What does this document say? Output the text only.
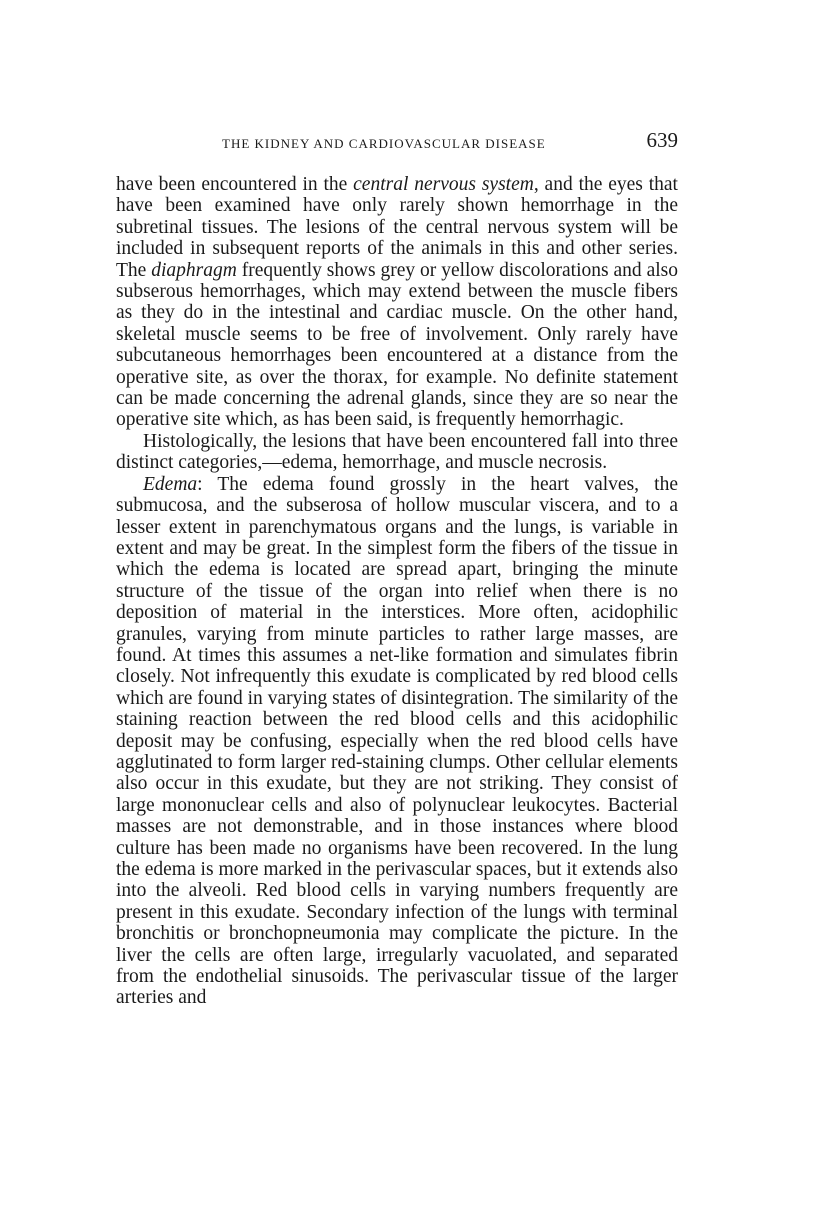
THE KIDNEY AND CARDIOVASCULAR DISEASE	639

have been encountered in the central nervous system, and the eyes that have been examined have only rarely shown hemorrhage in the subretinal tissues. The lesions of the central nervous system will be included in subsequent reports of the animals in this and other series. The diaphragm frequently shows grey or yellow discolorations and also subserous hemorrhages, which may extend between the muscle fibers as they do in the intestinal and cardiac muscle. On the other hand, skeletal muscle seems to be free of involvement. Only rarely have subcutaneous hemorrhages been encountered at a distance from the operative site, as over the thorax, for example. No definite statement can be made concerning the adrenal glands, since they are so near the operative site which, as has been said, is frequently hemorrhagic.

Histologically, the lesions that have been encountered fall into three distinct categories,—edema, hemorrhage, and muscle necrosis.

Edema: The edema found grossly in the heart valves, the submucosa, and the subserosa of hollow muscular viscera, and to a lesser extent in parenchymatous organs and the lungs, is variable in extent and may be great. In the simplest form the fibers of the tissue in which the edema is located are spread apart, bringing the minute structure of the tissue of the organ into relief when there is no deposition of material in the interstices. More often, acidophilic granules, varying from minute particles to rather large masses, are found. At times this assumes a net-like formation and simulates fibrin closely. Not infrequently this exudate is complicated by red blood cells which are found in varying states of disintegration. The similarity of the staining reaction between the red blood cells and this acidophilic deposit may be confusing, especially when the red blood cells have agglutinated to form larger red-staining clumps. Other cellular elements also occur in this exudate, but they are not striking. They consist of large mononuclear cells and also of polynuclear leukocytes. Bacterial masses are not demonstrable, and in those instances where blood culture has been made no organisms have been recovered. In the lung the edema is more marked in the perivascular spaces, but it extends also into the alveoli. Red blood cells in varying numbers frequently are present in this exudate. Secondary infection of the lungs with terminal bronchitis or bronchopneumonia may complicate the picture. In the liver the cells are often large, irregularly vacuolated, and separated from the endothelial sinusoids. The perivascular tissue of the larger arteries and
